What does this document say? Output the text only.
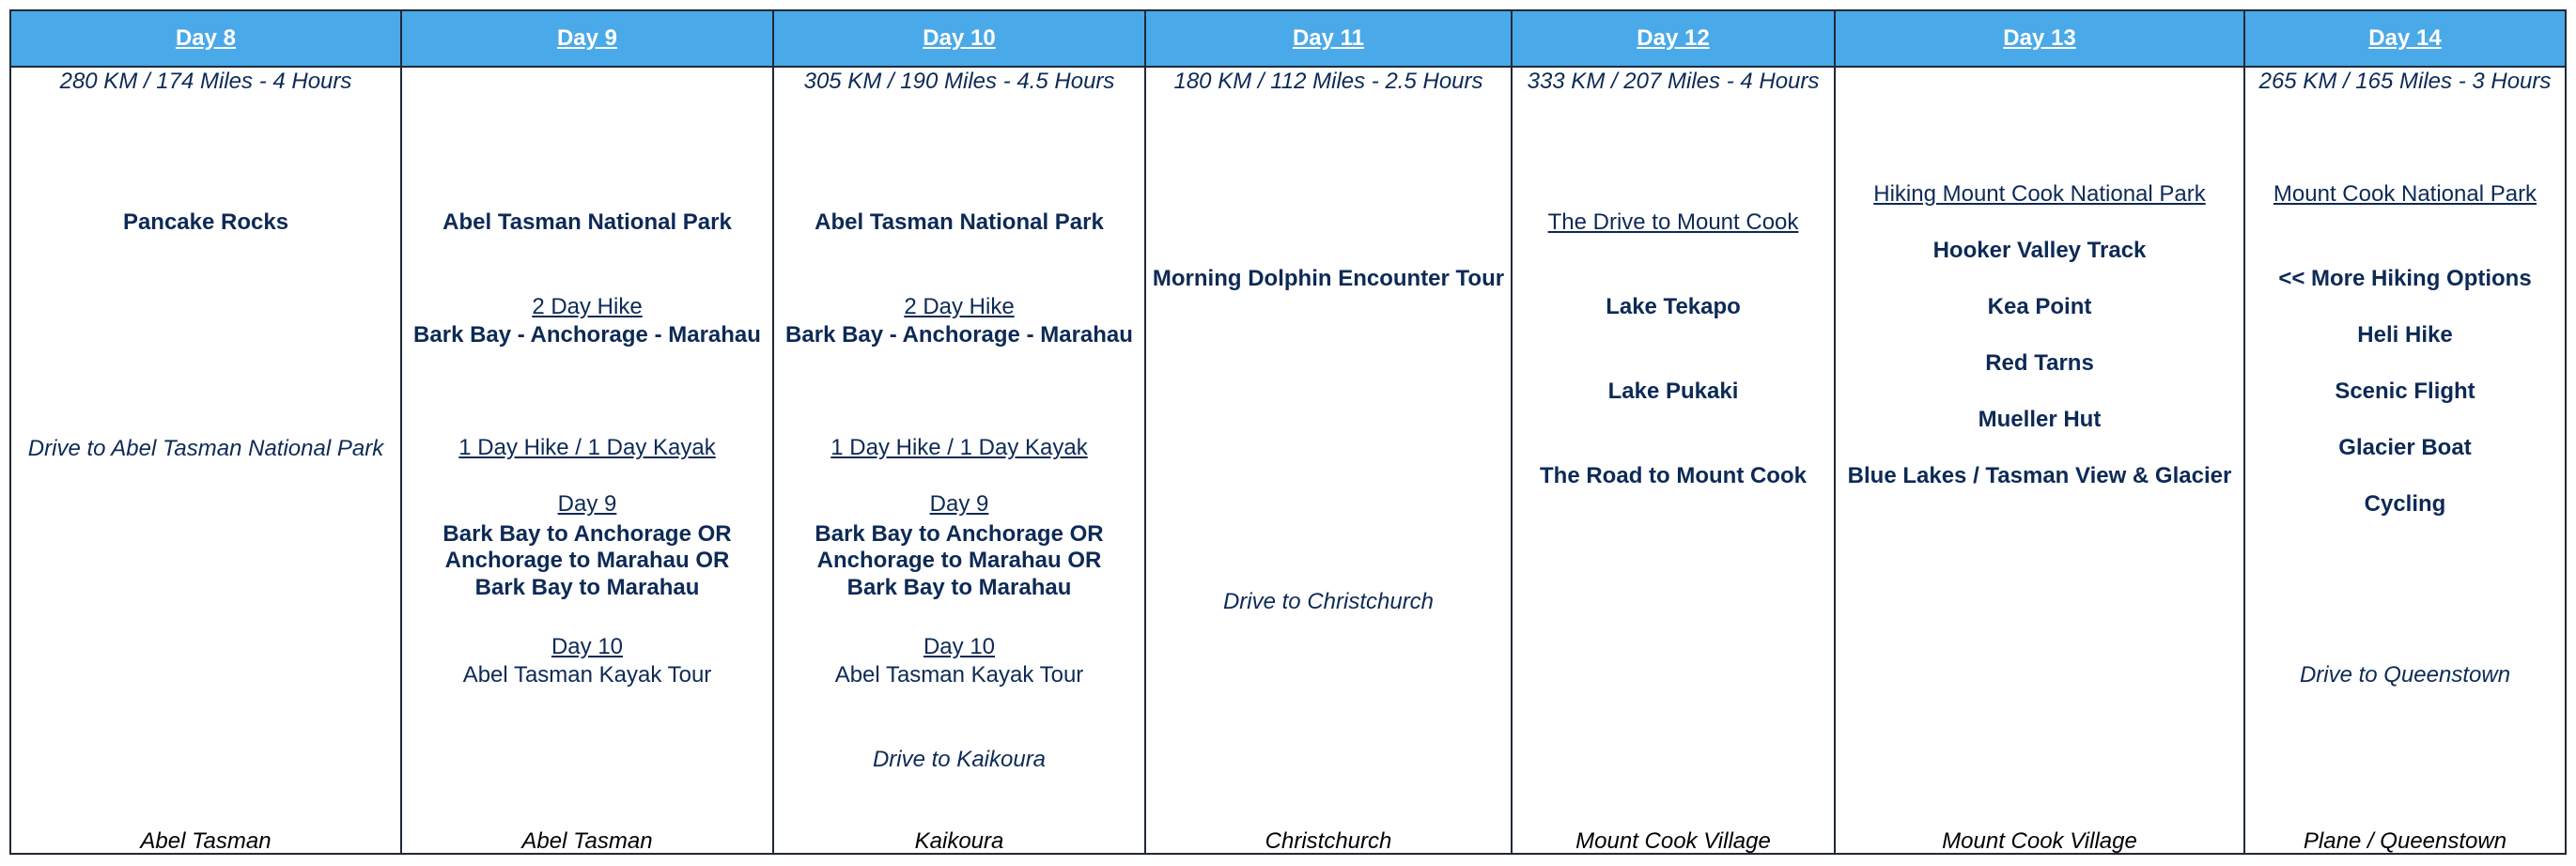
Day 8
280 KM / 174 Miles - 4 Hours
Pancake Rocks
Drive to Abel Tasman National Park
Abel Tasman
Day 9
Abel Tasman National Park
2 Day Hike
Bark Bay - Anchorage - Marahau
1 Day Hike / 1 Day Kayak
Day 9
Bark Bay to Anchorage OR
Anchorage to Marahau OR
Bark Bay to Marahau
Day 10
Abel Tasman Kayak Tour
Abel Tasman
Day 10
305 KM / 190 Miles - 4.5 Hours
Abel Tasman National Park
2 Day Hike
Bark Bay - Anchorage - Marahau
1 Day Hike / 1 Day Kayak
Day 9
Bark Bay to Anchorage OR
Anchorage to Marahau OR
Bark Bay to Marahau
Day 10
Abel Tasman Kayak Tour
Drive to Kaikoura
Kaikoura
Day 11
180 KM / 112 Miles - 2.5 Hours
Morning Dolphin Encounter Tour
Drive to Christchurch
Christchurch
Day 12
333 KM / 207 Miles - 4 Hours
The Drive to Mount Cook
Lake Tekapo
Lake Pukaki
The Road to Mount Cook
Mount Cook Village
Day 13
Hiking Mount Cook National Park
Hooker Valley Track
Kea Point
Red Tarns
Mueller Hut
Blue Lakes / Tasman View & Glacier
Mount Cook Village
Day 14
265 KM / 165 Miles - 3 Hours
Mount Cook National Park
<< More Hiking Options
Heli Hike
Scenic Flight
Glacier Boat
Cycling
Drive to Queenstown
Plane / Queenstown
